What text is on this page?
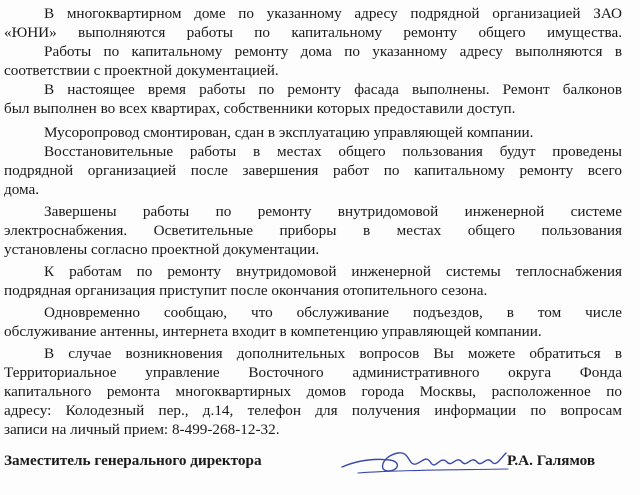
В многоквартирном доме по указанному адресу подрядной организацией ЗАО
«ЮНИ» выполняются работы по капитальному ремонту общего имущества.
Работы по капитальному ремонту дома по указанному адресу выполняются в
соответствии с проектной документацией.
В настоящее время работы по ремонту фасада выполнены. Ремонт балконов
был выполнен во всех квартирах, собственники которых предоставили доступ.
Мусоропровод смонтирован, сдан в эксплуатацию управляющей компании.
Восстановительные работы в местах общего пользования будут проведены
подрядной организацией после завершения работ по капитальному ремонту всего
дома.
Завершены работы по ремонту внутридомовой инженерной системе
электроснабжения. Осветительные приборы в местах общего пользования
установлены согласно проектной документации.
К работам по ремонту внутридомовой инженерной системы теплоснабжения
подрядная организация приступит после окончания отопительного сезона.
Одновременно сообщаю, что обслуживание подъездов, в том числе
обслуживание антенны, интернета входит в компетенцию управляющей компании.
В случае возникновения дополнительных вопросов Вы можете обратиться в
Территориальное управление Восточного административного округа Фонда
капитального ремонта многоквартирных домов города Москвы, расположенное по
адресу: Колодезный пер., д.14, телефон для получения информации по вопросам
записи на личный прием: 8-499-268-12-32.
Заместитель генерального директора	Р.А. Галямов
